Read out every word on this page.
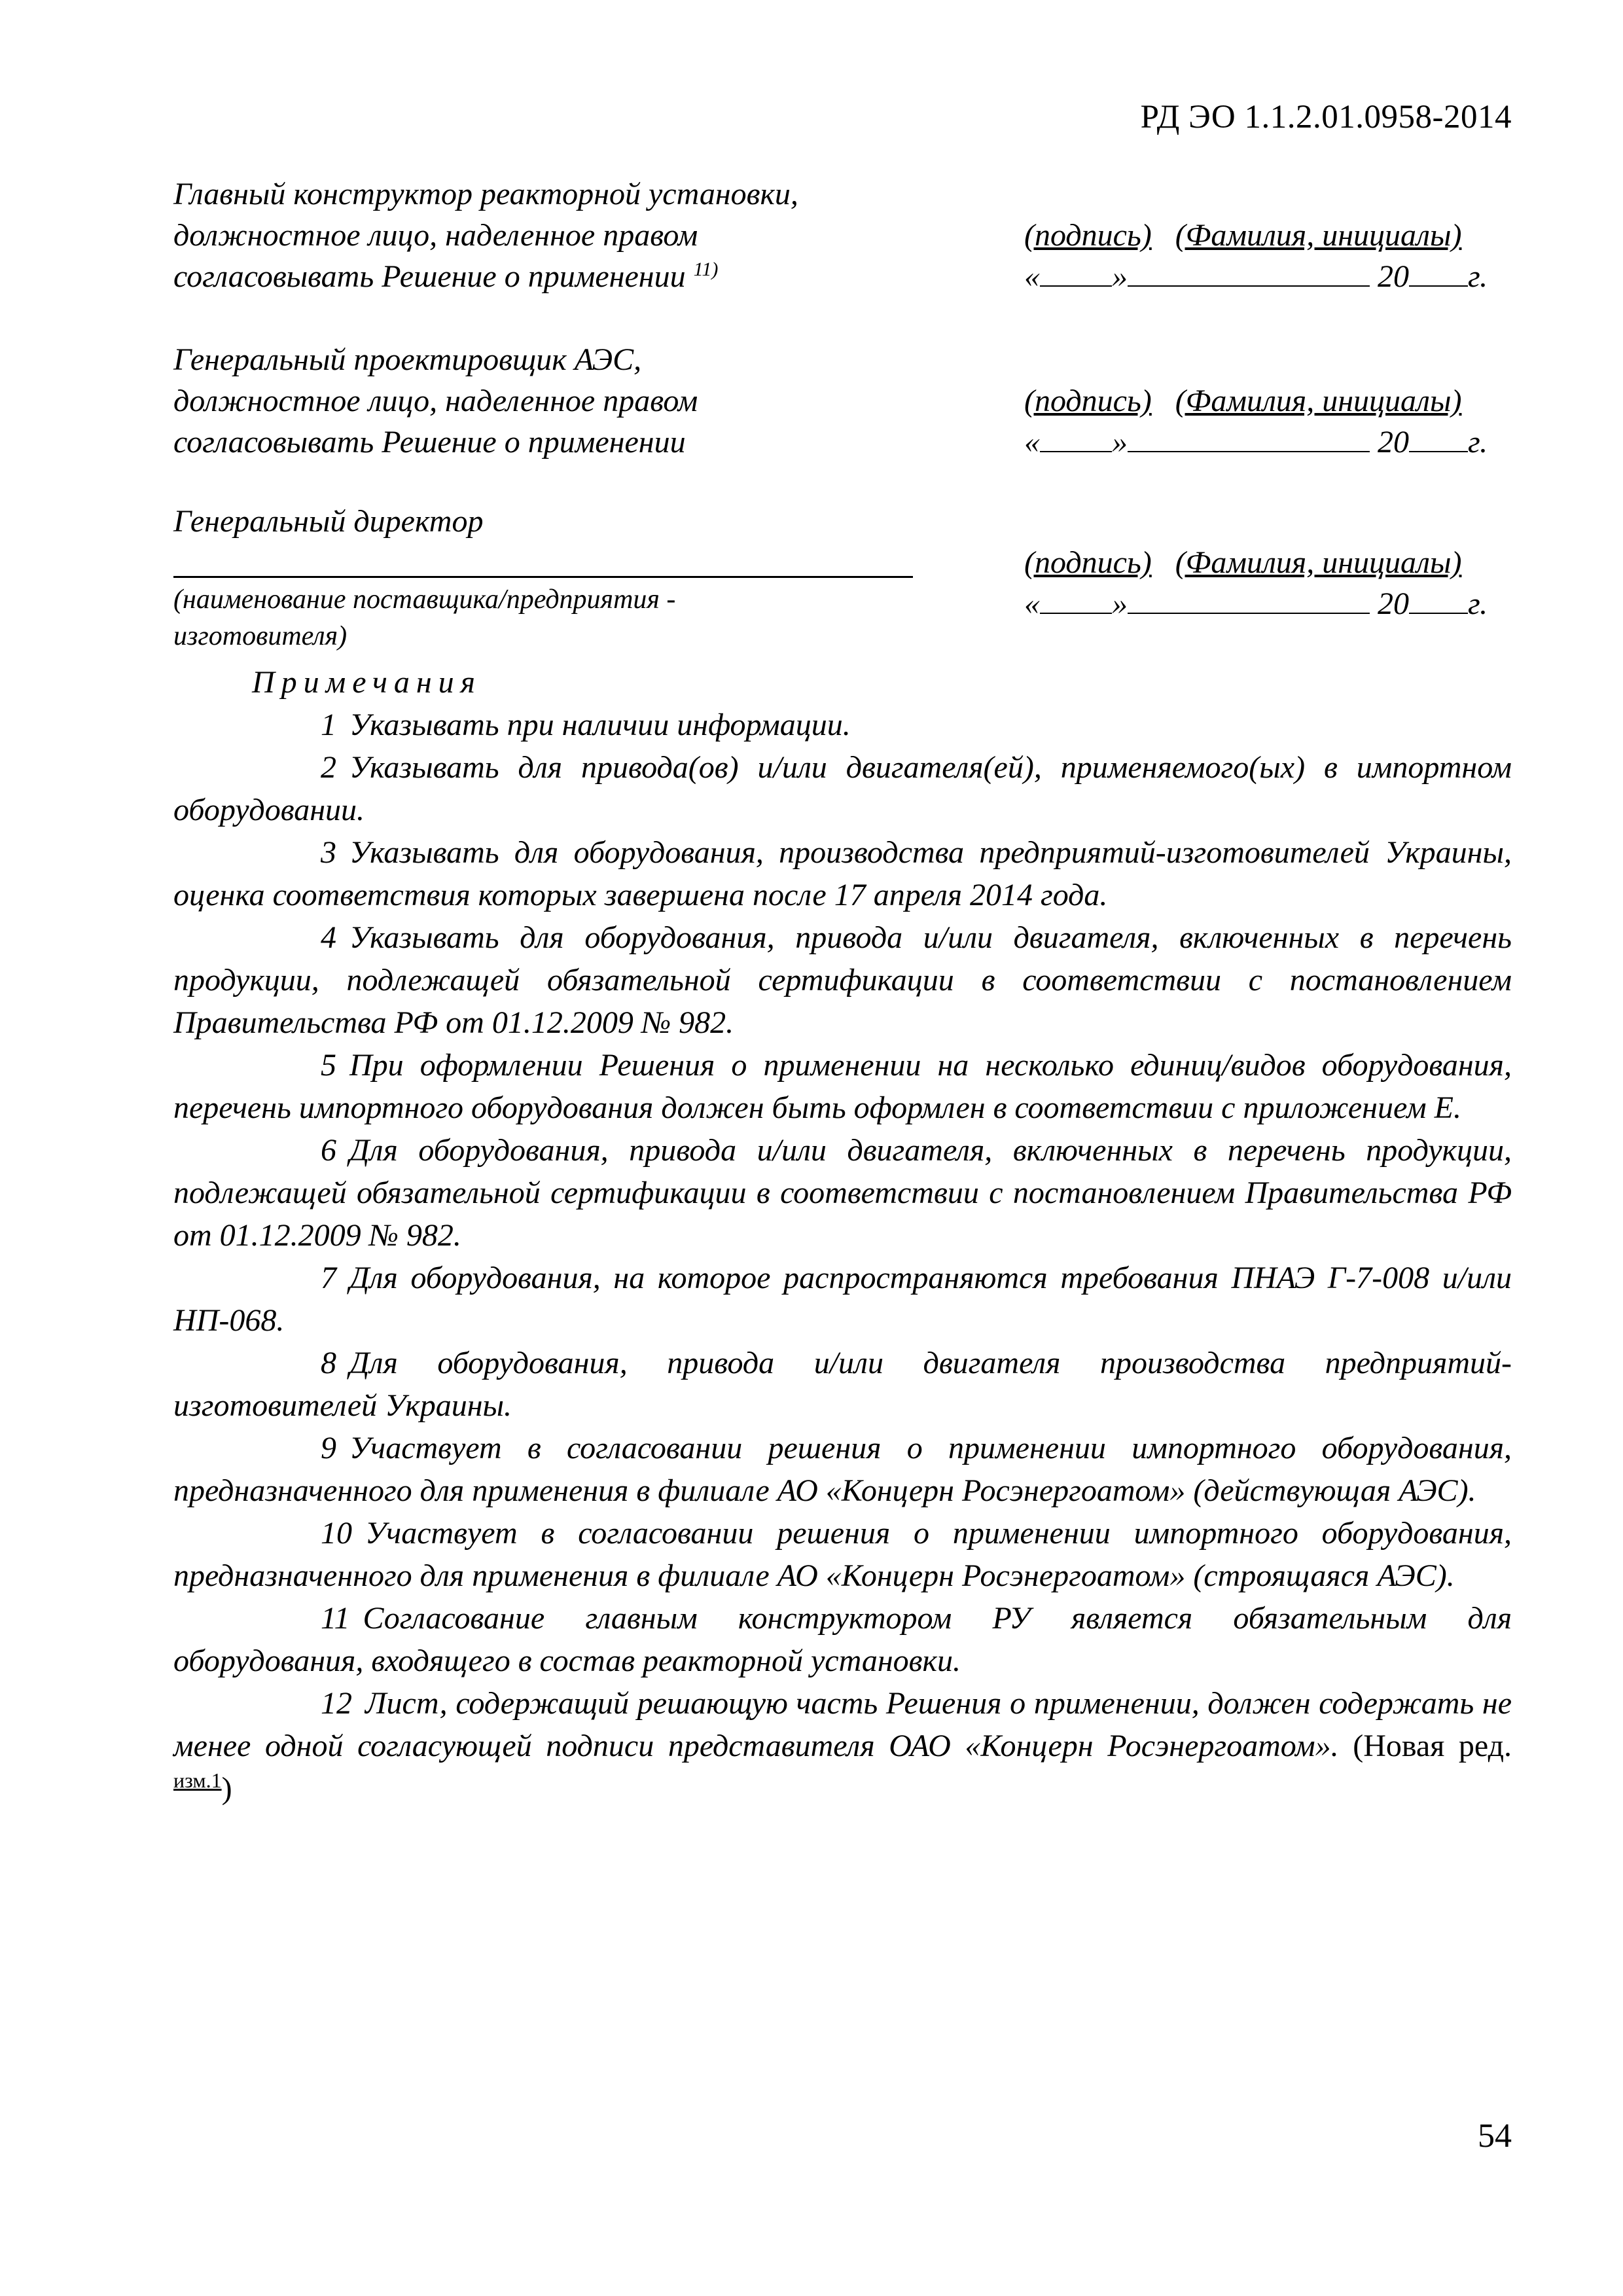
РД ЭО 1.1.2.01.0958-2014
Главный конструктор реакторной установки,
должностное лицо, наделенное правом
согласовывать Решение о применении $^{11)}$
(подпись) (Фамилия, инициалы)
« »	20 г.
Генеральный проектировщик АЭС,
должностное лицо, наделенное правом
согласовывать Решение о применении
(подпись) (Фамилия, инициалы)
« »	20 г.
Генеральный директор
(наименование поставщика/предприятия - изготовителя)
(подпись) (Фамилия, инициалы)
« »	20 г.
Примечания

1 Указывать при наличии информации.

2 Указывать для привода(ов) и/или двигателя(ей), применяемого(ых) в импортном оборудовании.

3 Указывать для оборудования, производства предприятий-изготовителей Украины, оценка соответствия которых завершена после 17 апреля 2014 года.

4 Указывать для оборудования, привода и/или двигателя, включенных в перечень продукции, подлежащей обязательной сертификации в соответствии с постановлением Правительства РФ от 01.12.2009 № 982.

5 При оформлении Решения о применении на несколько единиц/видов оборудования, перечень импортного оборудования должен быть оформлен в соответствии с приложением Е.

6 Для оборудования, привода и/или двигателя, включенных в перечень продукции, подлежащей обязательной сертификации в соответствии с постановлением Правительства РФ от 01.12.2009 № 982.

7 Для оборудования, на которое распространяются требования ПНАЭ Г-7-008 и/или НП-068.

8 Для оборудования, привода и/или двигателя производства предприятий-изготовителей Украины.

9 Участвует в согласовании решения о применении импортного оборудования, предназначенного для применения в филиале АО «Концерн Росэнергоатом» (действующая АЭС).

10 Участвует в согласовании решения о применении импортного оборудования, предназначенного для применения в филиале АО «Концерн Росэнергоатом» (строящаяся АЭС).

11 Согласование главным конструктором РУ является обязательным для оборудования, входящего в состав реакторной установки.

12 Лист, содержащий решающую часть Решения о применении, должен содержать не менее одной согласующей подписи представителя ОАО «Концерн Росэнергоатом». (Новая ред. $^{изм.1}$)

54
